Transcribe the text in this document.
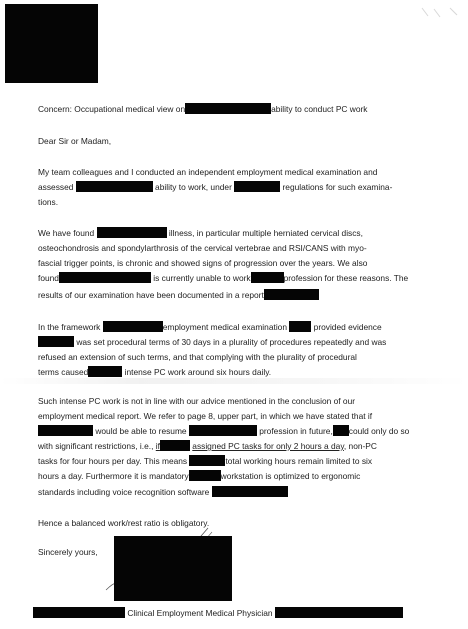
Concern: Occupational medical view on	ability to conduct PC work
Dear Sir or Madam,
My team colleagues and I conducted an independent employment medical examination and
assessed	ability to work, under	regulations for such examina-
tions.
We have found	illness, in particular multiple herniated cervical discs,
osteochondrosis and spondylarthrosis of the cervical vertebrae and RSI/CANS with myo-
fascial trigger points, is chronic and showed signs of progression over the years. We also
found	is currently unable to work	profession for these reasons. The
results of our examination have been documented in a report
In the framework	employment medical examination	provided evidence
was set procedural terms of 30 days in a plurality of procedures repeatedly and was
refused an extension of such terms, and that complying with the plurality of procedural
terms caused	intense PC work around six hours daily.
Such intense PC work is not in line with our advice mentioned in the conclusion of our
employment medical report. We refer to page 8, upper part, in which we have stated that if
would be able to resume	profession in future, could only do so
with significant restrictions, i.e., if	assigned PC tasks for only 2 hours a day, non-PC
tasks for four hours per day. This means	total working hours remain limited to six
hours a day. Furthermore it is mandatory	workstation is optimized to ergonomic
standards including voice recognition software
Hence a balanced work/rest ratio is obligatory.
Sincerely yours,
Clinical Employment Medical Physician
